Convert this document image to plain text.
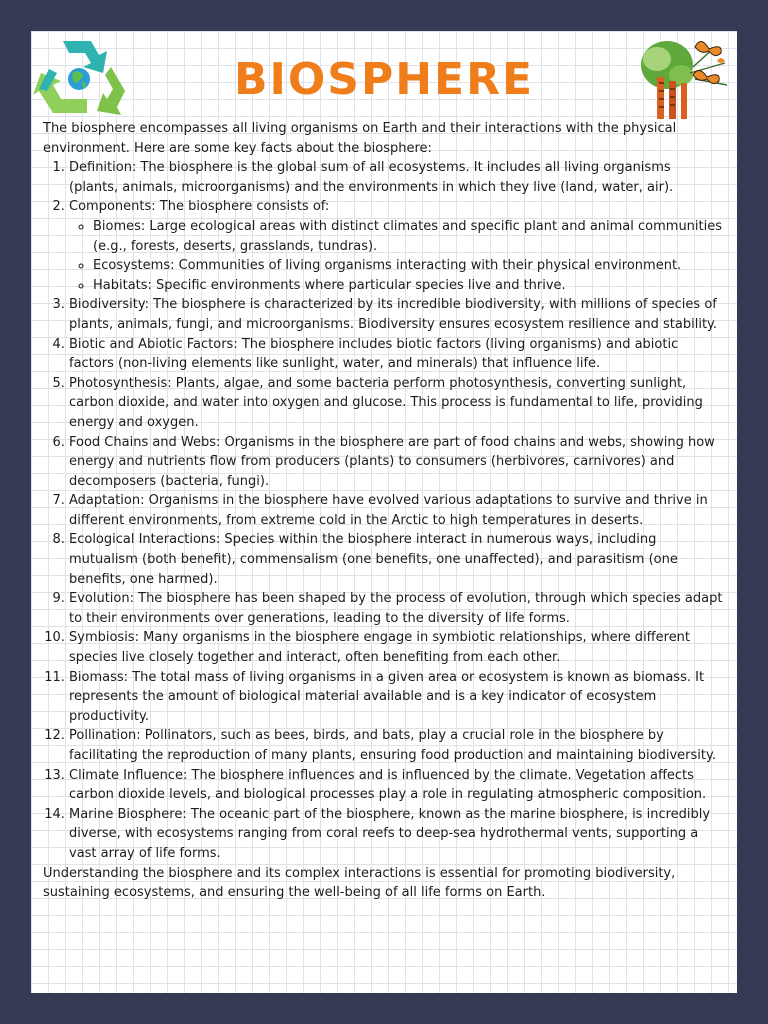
BIOSPHERE

The biosphere encompasses all living organisms on Earth and their interactions with the physical environment. Here are some key facts about the biosphere:

1. Definition: The biosphere is the global sum of all ecosystems. It includes all living organisms (plants, animals, microorganisms) and the environments in which they live (land, water, air).
2. Components: The biosphere consists of:
◦ Biomes: Large ecological areas with distinct climates and specific plant and animal communities (e.g., forests, deserts, grasslands, tundras).
◦ Ecosystems: Communities of living organisms interacting with their physical environment.
◦ Habitats: Specific environments where particular species live and thrive.
3. Biodiversity: The biosphere is characterized by its incredible biodiversity, with millions of species of plants, animals, fungi, and microorganisms. Biodiversity ensures ecosystem resilience and stability.
4. Biotic and Abiotic Factors: The biosphere includes biotic factors (living organisms) and abiotic factors (non-living elements like sunlight, water, and minerals) that influence life.
5. Photosynthesis: Plants, algae, and some bacteria perform photosynthesis, converting sunlight, carbon dioxide, and water into oxygen and glucose. This process is fundamental to life, providing energy and oxygen.
6. Food Chains and Webs: Organisms in the biosphere are part of food chains and webs, showing how energy and nutrients flow from producers (plants) to consumers (herbivores, carnivores) and decomposers (bacteria, fungi).
7. Adaptation: Organisms in the biosphere have evolved various adaptations to survive and thrive in different environments, from extreme cold in the Arctic to high temperatures in deserts.
8. Ecological Interactions: Species within the biosphere interact in numerous ways, including mutualism (both benefit), commensalism (one benefits, one unaffected), and parasitism (one benefits, one harmed).
9. Evolution: The biosphere has been shaped by the process of evolution, through which species adapt to their environments over generations, leading to the diversity of life forms.
10. Symbiosis: Many organisms in the biosphere engage in symbiotic relationships, where different species live closely together and interact, often benefiting from each other.
11. Biomass: The total mass of living organisms in a given area or ecosystem is known as biomass. It represents the amount of biological material available and is a key indicator of ecosystem productivity.
12. Pollination: Pollinators, such as bees, birds, and bats, play a crucial role in the biosphere by facilitating the reproduction of many plants, ensuring food production and maintaining biodiversity.
13. Climate Influence: The biosphere influences and is influenced by the climate. Vegetation affects carbon dioxide levels, and biological processes play a role in regulating atmospheric composition.
14. Marine Biosphere: The oceanic part of the biosphere, known as the marine biosphere, is incredibly diverse, with ecosystems ranging from coral reefs to deep-sea hydrothermal vents, supporting a vast array of life forms.

Understanding the biosphere and its complex interactions is essential for promoting biodiversity, sustaining ecosystems, and ensuring the well-being of all life forms on Earth.
